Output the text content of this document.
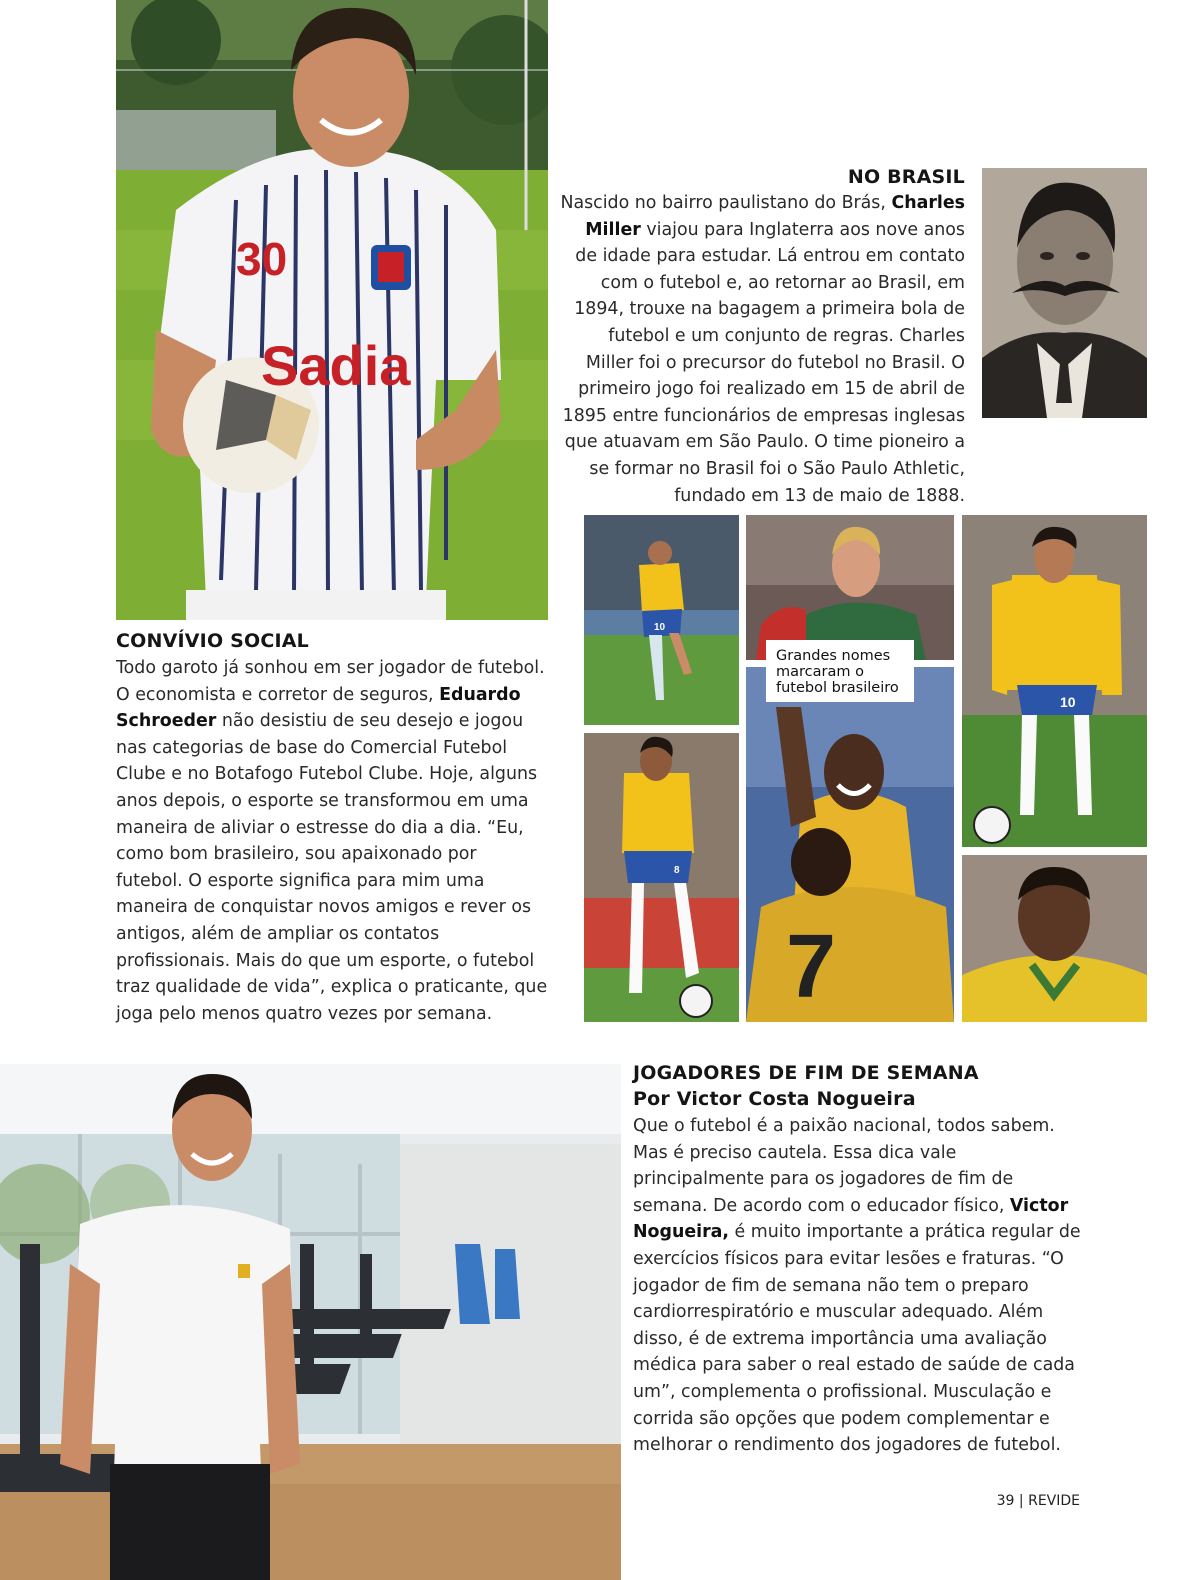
30
Sadia
CONVÍVIO SOCIAL
Todo garoto já sonhou em ser jogador de futebol. O economista e corretor de seguros, Eduardo Schroeder não desistiu de seu desejo e jogou nas categorias de base do Comercial Futebol Clube e no Botafogo Futebol Clube. Hoje, alguns anos depois, o esporte se transformou em uma maneira de aliviar o estresse do dia a dia. “Eu, como bom brasileiro, sou apaixonado por futebol. O esporte significa para mim uma maneira de conquistar novos amigos e rever os antigos, além de ampliar os contatos profissionais. Mais do que um esporte, o futebol traz qualidade de vida”, explica o praticante, que joga pelo menos quatro vezes por semana.
NO BRASIL
Nascido no bairro paulistano do Brás, Charles Miller viajou para Inglaterra aos nove anos de idade para estudar. Lá entrou em contato com o futebol e, ao retornar ao Brasil, em 1894, trouxe na bagagem a primeira bola de futebol e um conjunto de regras. Charles Miller foi o precursor do futebol no Brasil. O primeiro jogo foi realizado em 15 de abril de 1895 entre funcionários de empresas inglesas que atuavam em São Paulo. O time pioneiro a se formar no Brasil foi o São Paulo Athletic, fundado em 13 de maio de 1888.
10
10
8
7
Grandes nomes marcaram o futebol brasileiro
JOGADORES DE FIM DE SEMANA
Por Victor Costa Nogueira
Que o futebol é a paixão nacional, todos sabem. Mas é preciso cautela. Essa dica vale principalmente para os jogadores de fim de semana. De acordo com o educador físico, Victor Nogueira, é muito importante a prática regular de exercícios físicos para evitar lesões e fraturas. “O jogador de fim de semana não tem o preparo cardiorrespiratório e muscular adequado. Além disso, é de extrema importância uma avaliação médica para saber o real estado de saúde de cada um”, complementa o profissional. Musculação e corrida são opções que podem complementar e melhorar o rendimento dos jogadores de futebol.
39 | REVIDE
